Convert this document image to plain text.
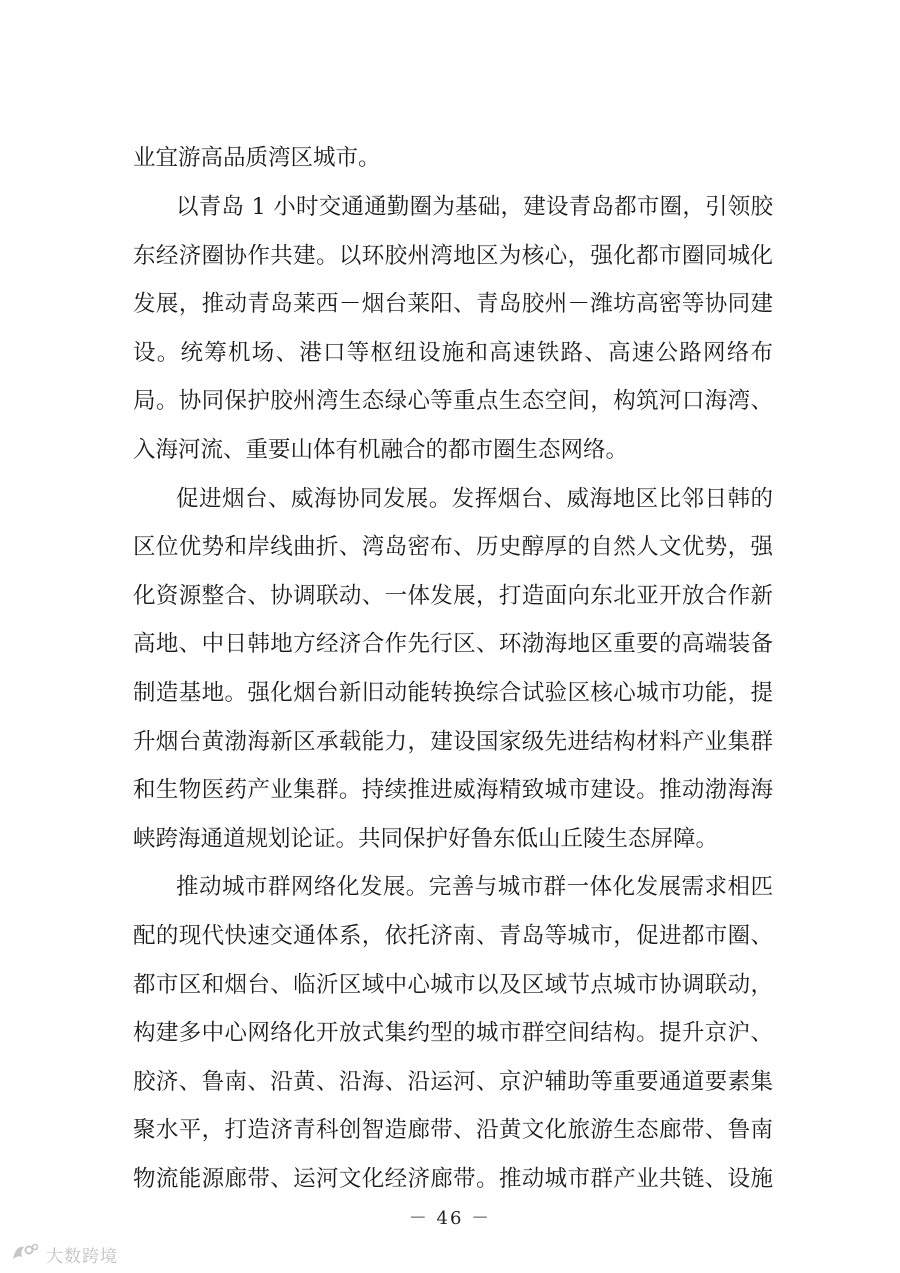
业宜游高品质湾区城市。
以青岛 1 小时交通通勤圈为基础，建设青岛都市圈，引领胶
东经济圈协作共建。以环胶州湾地区为核心，强化都市圈同城化
发展，推动青岛莱西－烟台莱阳、青岛胶州－潍坊高密等协同建
设。统筹机场、港口等枢纽设施和高速铁路、高速公路网络布
局。协同保护胶州湾生态绿心等重点生态空间，构筑河口海湾、
入海河流、重要山体有机融合的都市圈生态网络。
促进烟台、威海协同发展。发挥烟台、威海地区比邻日韩的
区位优势和岸线曲折、湾岛密布、历史醇厚的自然人文优势，强
化资源整合、协调联动、一体发展，打造面向东北亚开放合作新
高地、中日韩地方经济合作先行区、环渤海地区重要的高端装备
制造基地。强化烟台新旧动能转换综合试验区核心城市功能，提
升烟台黄渤海新区承载能力，建设国家级先进结构材料产业集群
和生物医药产业集群。持续推进威海精致城市建设。推动渤海海
峡跨海通道规划论证。共同保护好鲁东低山丘陵生态屏障。
推动城市群网络化发展。完善与城市群一体化发展需求相匹
配的现代快速交通体系，依托济南、青岛等城市，促进都市圈、
都市区和烟台、临沂区域中心城市以及区域节点城市协调联动，
构建多中心网络化开放式集约型的城市群空间结构。提升京沪、
胶济、鲁南、沿黄、沿海、沿运河、京沪辅助等重要通道要素集
聚水平，打造济青科创智造廊带、沿黄文化旅游生态廊带、鲁南
物流能源廊带、运河文化经济廊带。推动城市群产业共链、设施
－ 46 －
大数跨境
